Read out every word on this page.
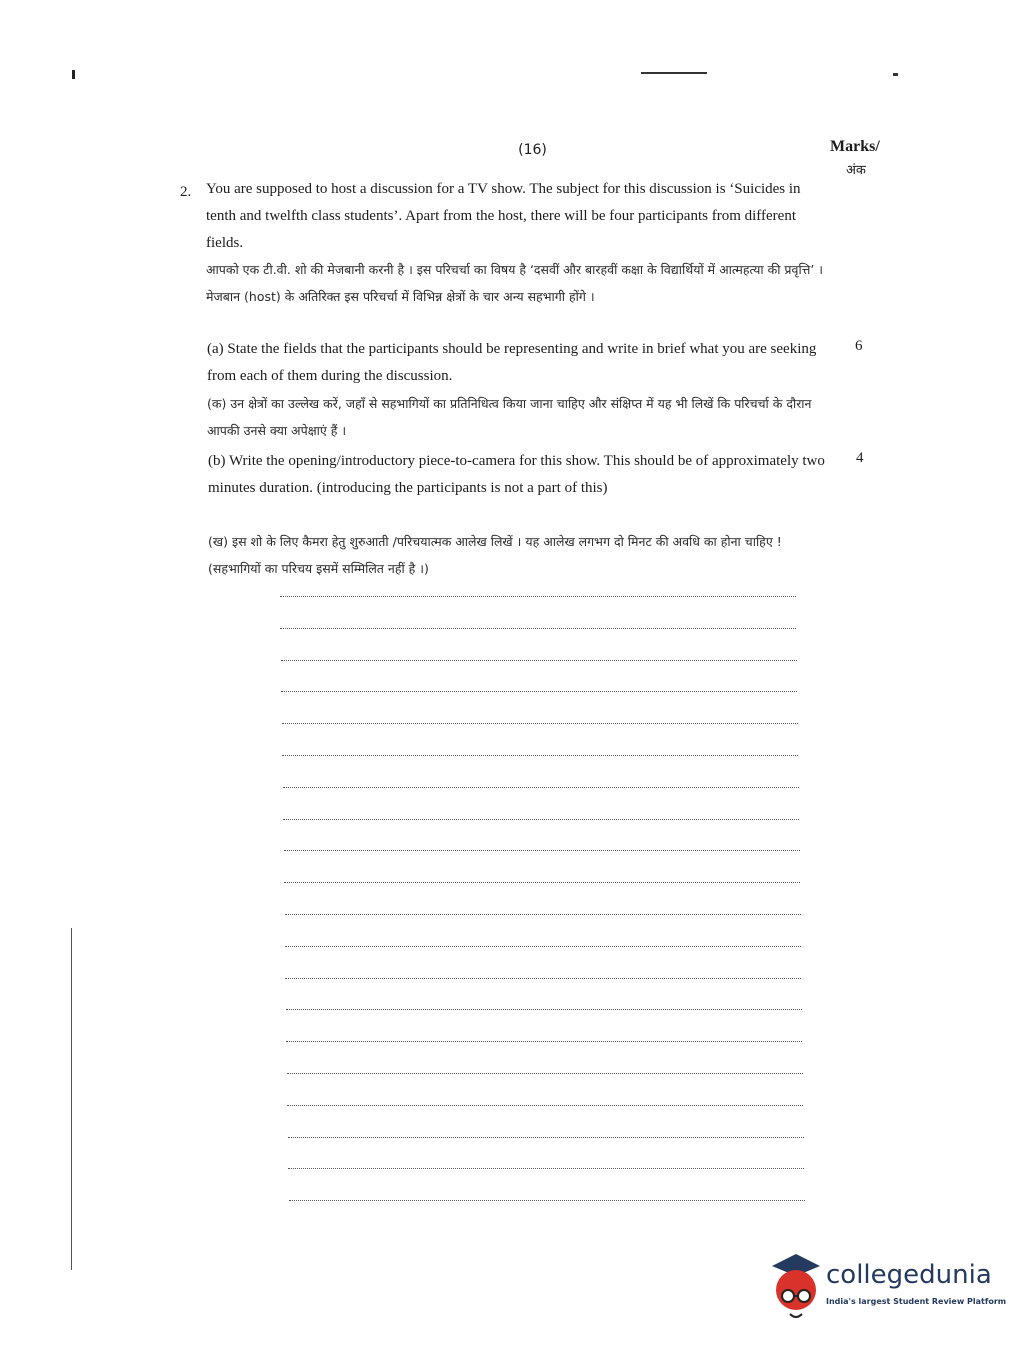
(16)	Marks/
अंक
2. You are supposed to host a discussion for a TV show. The subject for this discussion is ‘Suicides in tenth and twelfth class students’. Apart from the host, there will be four participants from different fields.
आपको एक टी.वी. शो की मेजबानी करनी है । इस परिचर्चा का विषय है ‘दसवीं और बारहवीं कक्षा के विद्यार्थियों में आत्महत्या की प्रवृत्ति’ । मेजबान (host) के अतिरिक्त इस परिचर्चा में विभिन्न क्षेत्रों के चार अन्य सहभागी होंगे ।
(a) State the fields that the participants should be representing and write in brief what you are seeking from each of them during the discussion.
6
(क) उन क्षेत्रों का उल्लेख करें, जहाँ से सहभागियों का प्रतिनिधित्व किया जाना चाहिए और संक्षिप्त में यह भी लिखें कि परिचर्चा के दौरान आपकी उनसे क्या अपेक्षाएं हैं ।
(b) Write the opening/introductory piece-to-camera for this show. This should be of approximately two minutes duration. (introducing the participants is not a part of this)
4
(ख) इस शो के लिए कैमरा हेतु शुरुआती /परिचयात्मक आलेख लिखें । यह आलेख लगभग दो मिनट की अवधि का होना चाहिए ! (सहभागियों का परिचय इसमें सम्मिलित नहीं है ।)
collegedunia
India's largest Student Review Platform
